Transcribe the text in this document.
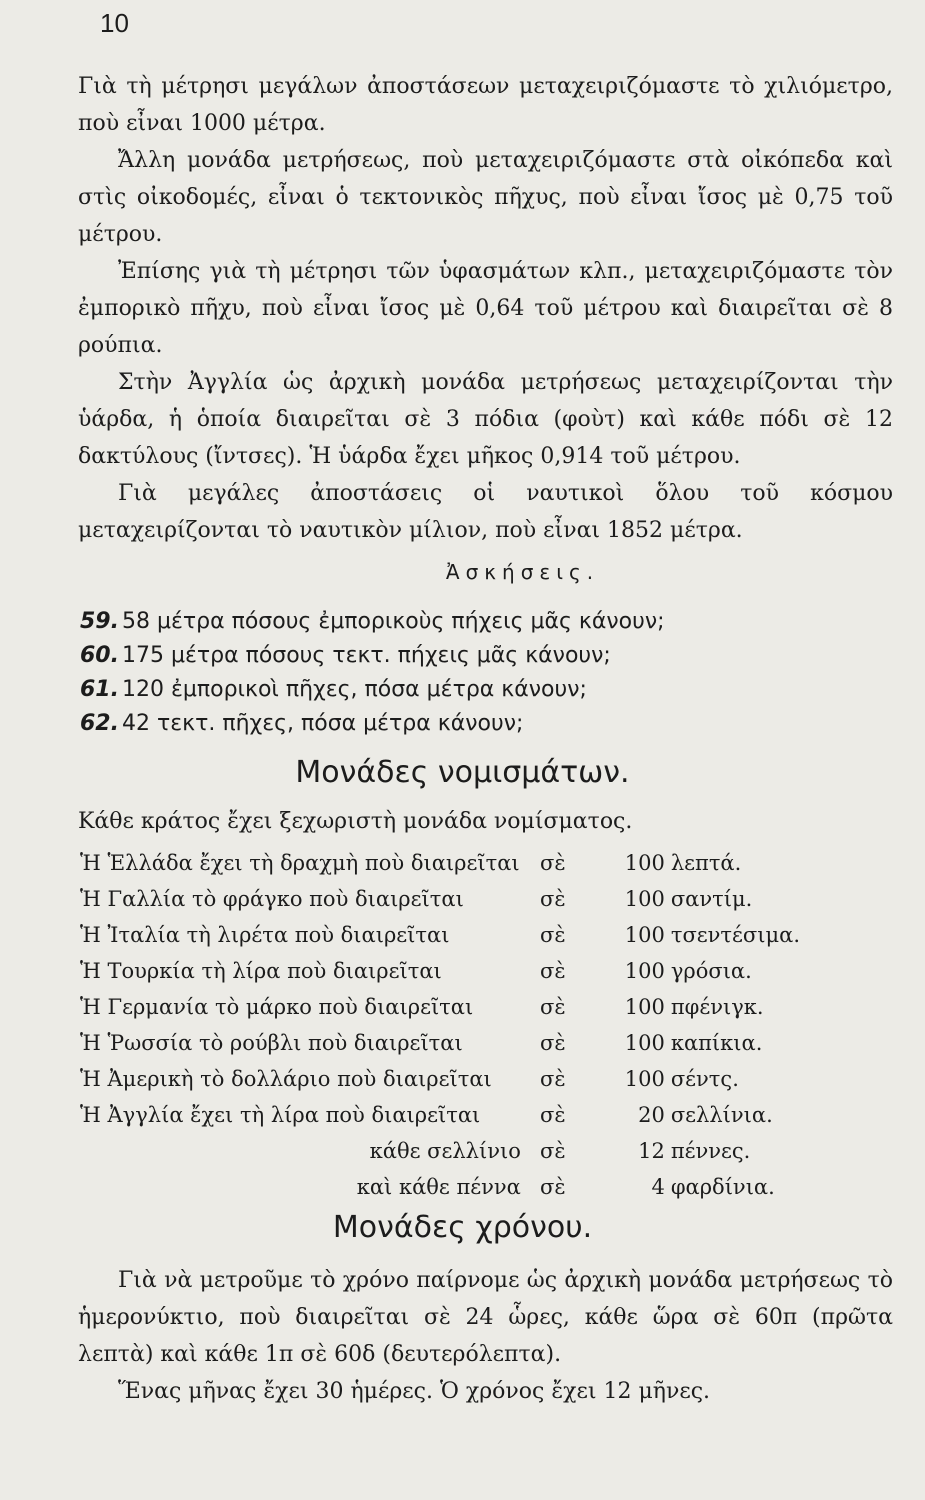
10

Γιὰ τὴ μέτρησι μεγάλων ἀποστάσεων μεταχειριζόμαστε τὸ χιλιόμετρο, ποὺ εἶναι 1000 μέτρα.

Ἄλλη μονάδα μετρήσεως, ποὺ μεταχειριζόμαστε στὰ οἰκόπεδα καὶ στὶς οἰκοδομές, εἶναι ὁ τεκτονικὸς πῆχυς, ποὺ εἶναι ἴσος μὲ 0,75 τοῦ μέτρου.

Ἐπίσης γιὰ τὴ μέτρησι τῶν ὑφασμάτων κλπ., μεταχειριζόμαστε τὸν ἐμπορικὸ πῆχυ, ποὺ εἶναι ἴσος μὲ 0,64 τοῦ μέτρου καὶ διαιρεῖται σὲ 8 ρούπια.

Στὴν Ἀγγλία ὡς ἀρχικὴ μονάδα μετρήσεως μεταχειρίζονται τὴν ὑάρδα, ἡ ὁποία διαιρεῖται σὲ 3 πόδια (φοὺτ) καὶ κάθε πόδι σὲ 12 δακτύλους (ἴντσες). Ἡ ὑάρδα ἔχει μῆκος 0,914 τοῦ μέτρου.

Γιὰ μεγάλες ἀποστάσεις οἱ ναυτικοὶ ὅλου τοῦ κόσμου μεταχειρίζονται τὸ ναυτικὸν μίλιον, ποὺ εἶναι 1852 μέτρα.

Ἀσκήσεις.
59. 58 μέτρα πόσους ἐμπορικοὺς πήχεις μᾶς κάνουν;
60. 175 μέτρα πόσους τεκτ. πήχεις μᾶς κάνουν;
61. 120 ἐμπορικοὶ πῆχες, πόσα μέτρα κάνουν;
62. 42 τεκτ. πῆχες, πόσα μέτρα κάνουν;
Μονάδες νομισμάτων.

Κάθε κράτος ἔχει ξεχωριστὴ μονάδα νομίσματος.

Ἡ Ἑλλάδα ἔχει τὴ δραχμὴ ποὺ διαιρεῖται	σὲ	100 λεπτά.
Ἡ Γαλλία τὸ φράγκο ποὺ διαιρεῖται	σὲ	100 σαντίμ.
Ἡ Ἰταλία τὴ λιρέτα ποὺ διαιρεῖται	σὲ	100 τσεντέσιμα.
Ἡ Τουρκία τὴ λίρα ποὺ διαιρεῖται	σὲ	100 γρόσια.
Ἡ Γερμανία τὸ μάρκο ποὺ διαιρεῖται	σὲ	100 πφένιγκ.
Ἡ Ῥωσσία τὸ ρούβλι ποὺ διαιρεῖται	σὲ	100 καπίκια.
Ἡ Ἀμερικὴ τὸ δολλάριο ποὺ διαιρεῖται	σὲ	100 σέντς.
Ἡ Ἀγγλία ἔχει τὴ λίρα ποὺ διαιρεῖται	σὲ	20 σελλίνια.
κάθε σελλίνιο	σὲ	12 πέννες.
καὶ κάθε πέννα	σὲ	4 φαρδίνια.
Μονάδες χρόνου.

Γιὰ νὰ μετροῦμε τὸ χρόνο παίρνομε ὡς ἀρχικὴ μονάδα μετρήσεως τὸ ἡμερονύκτιο, ποὺ διαιρεῖται σὲ 24 ὧρες, κάθε ὥρα σὲ 60π (πρῶτα λεπτὰ) καὶ κάθε 1π σὲ 60δ (δευτερόλεπτα).

Ἕνας μῆνας ἔχει 30 ἡμέρες. Ὁ χρόνος ἔχει 12 μῆνες.
